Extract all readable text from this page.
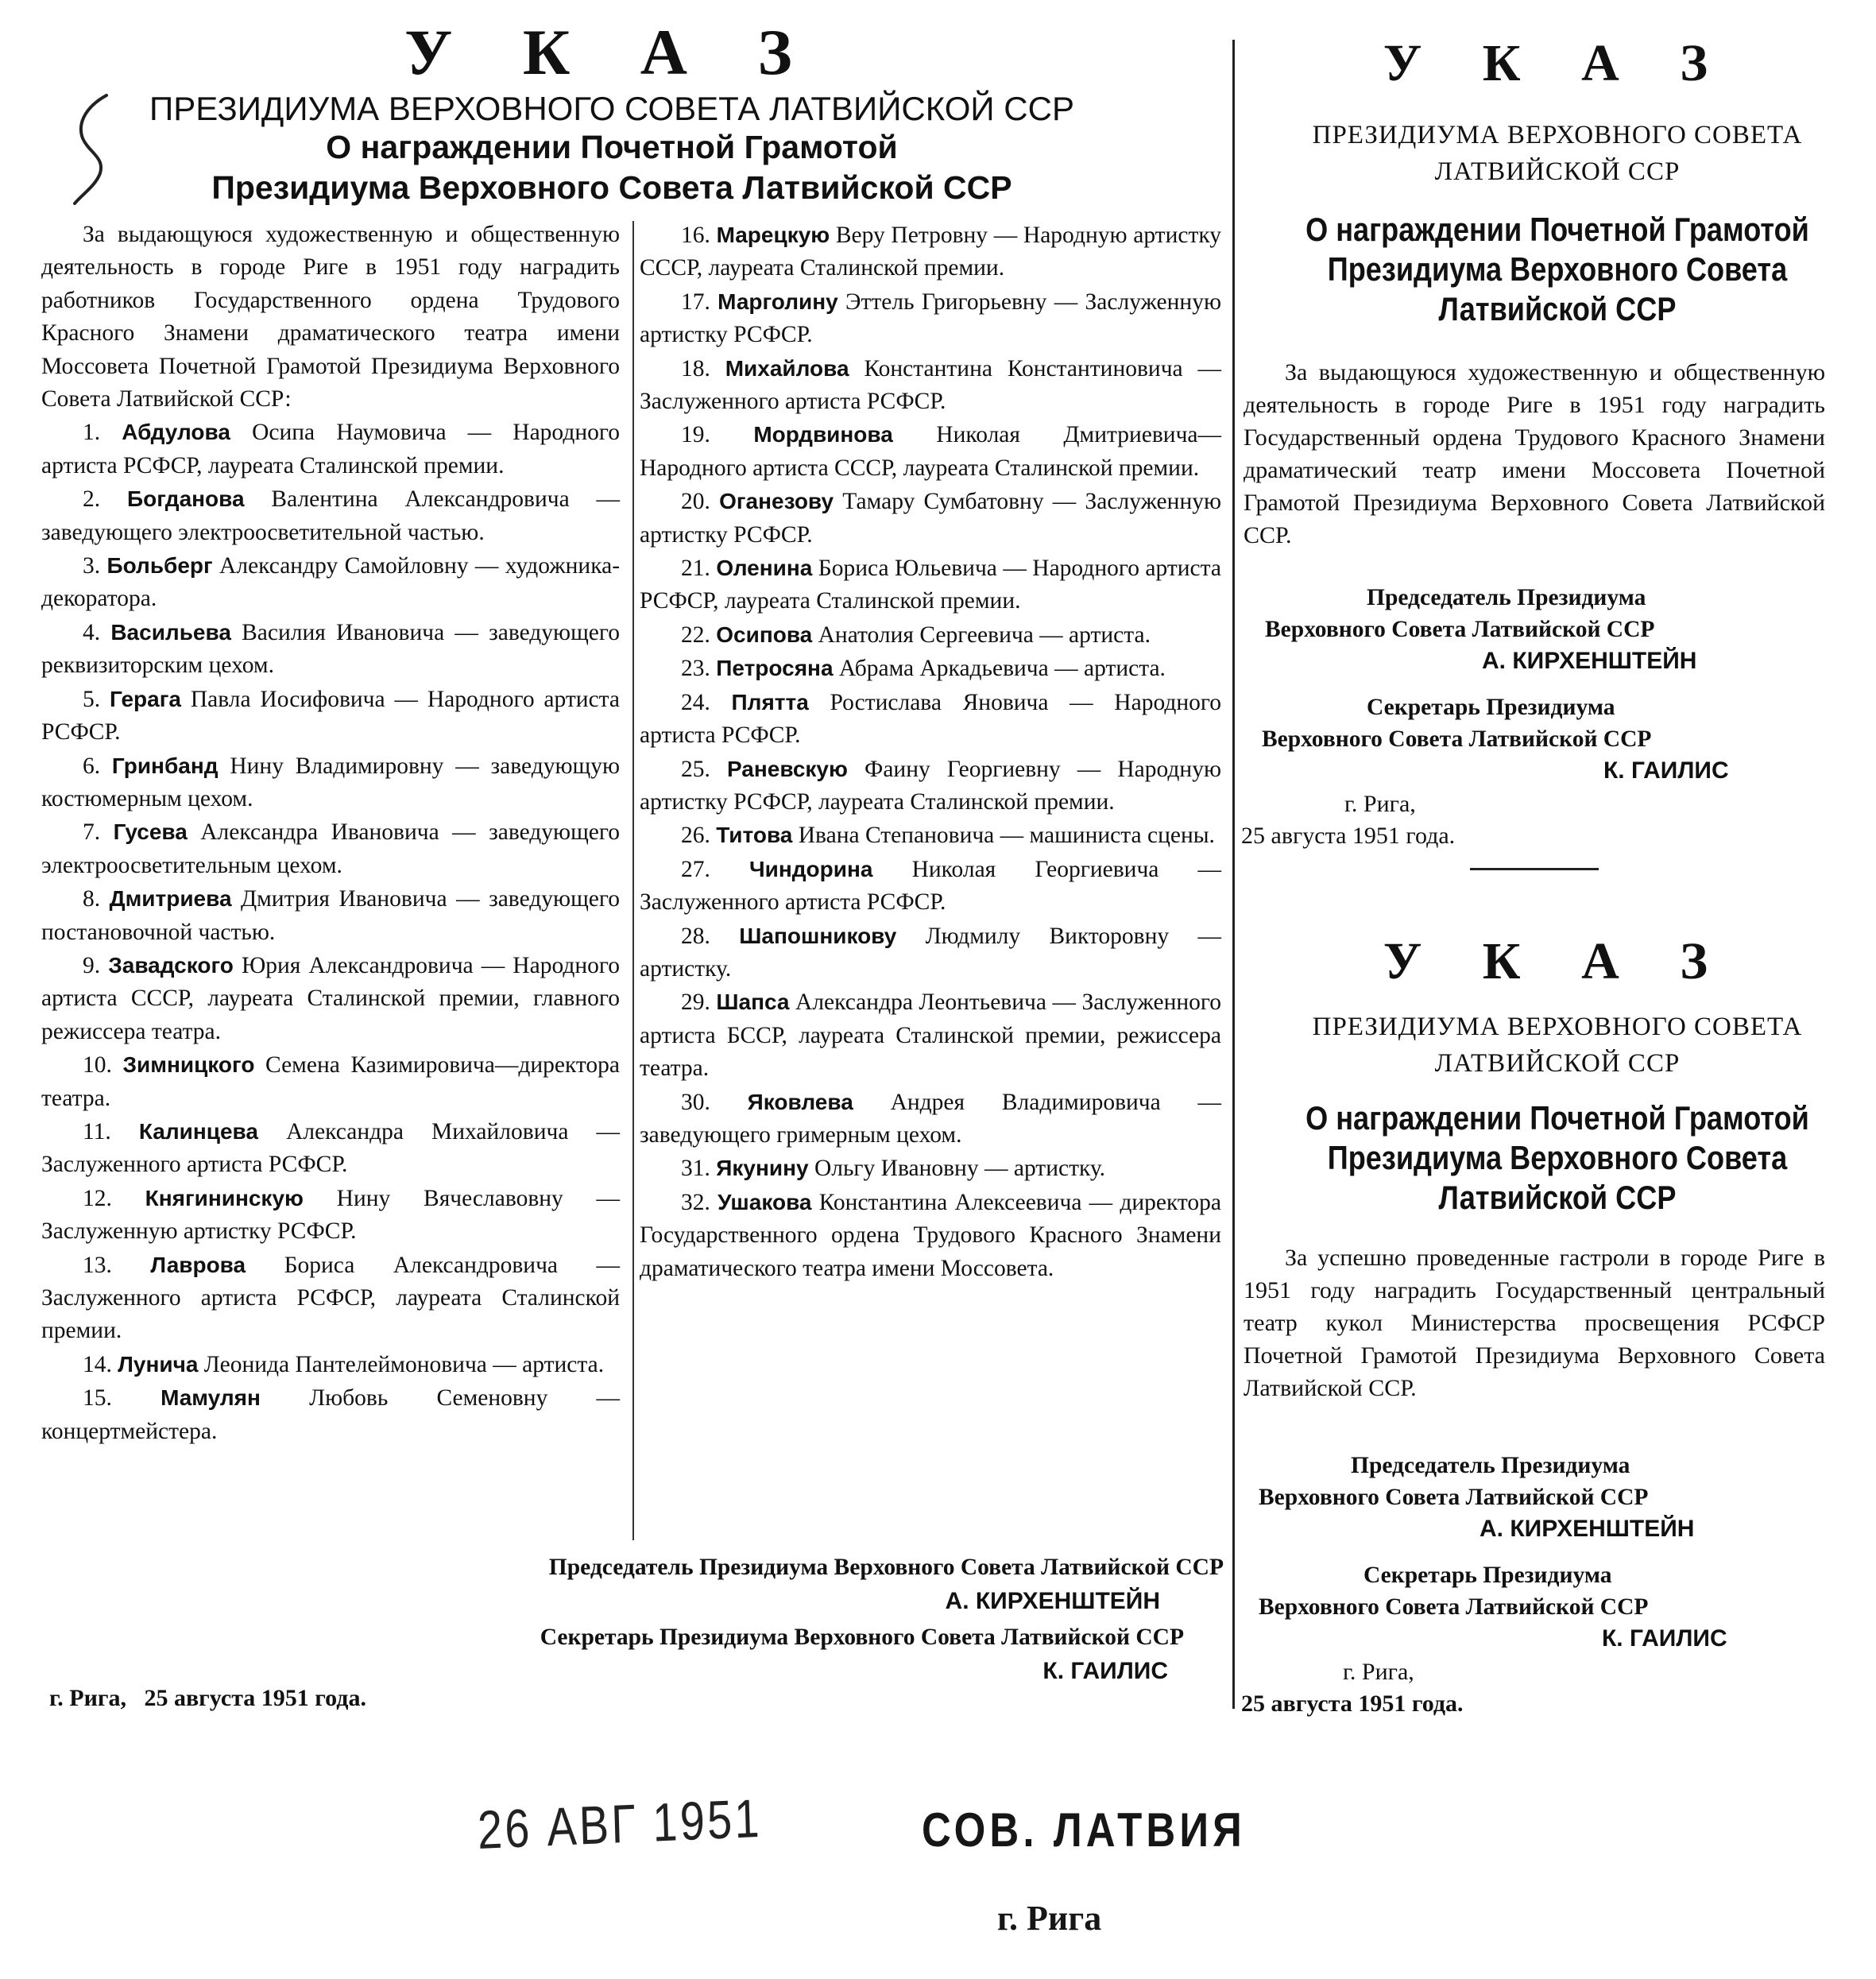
У К А З
ПРЕЗИДИУМА ВЕРХОВНОГО СОВЕТА ЛАТВИЙСКОЙ ССР
О награждении Почетной Грамотой
Президиума Верховного Совета Латвийской ССР
За выдающуюся художественную и общественную деятельность в городе Риге в 1951 году наградить работников Государственного ордена Трудового Красного Знамени драматического театра имени Моссовета Почетной Грамотой Президиума Верховного Совета Латвийской ССР:
1. Абдулова Осипа Наумовича — Народного артиста РСФСР, лауреата Сталинской премии.
2. Богданова Валентина Александровича — заведующего электроосветительной частью.
3. Больберг Александру Самойловну — художника-декоратора.
4. Васильева Василия Ивановича — заведующего реквизиторским цехом.
5. Герага Павла Иосифовича — Народного артиста РСФСР.
6. Гринбанд Нину Владимировну — заведующую костюмерным цехом.
7. Гусева Александра Ивановича — заведующего электроосветительным цехом.
8. Дмитриева Дмитрия Ивановича — заведующего постановочной частью.
9. Завадского Юрия Александровича — Народного артиста СССР, лауреата Сталинской премии, главного режиссера театра.
10. Зимницкого Семена Казимировича—директора театра.
11. Калинцева Александра Михайловича — Заслуженного артиста РСФСР.
12. Княгининскую Нину Вячеславовну — Заслуженную артистку РСФСР.
13. Лаврова Бориса Александровича — Заслуженного артиста РСФСР, лауреата Сталинской премии.
14. Лунича Леонида Пантелеймоновича — артиста.
15. Мамулян Любовь Семеновну — концертмейстера.
16. Марецкую Веру Петровну — Народную артистку СССР, лауреата Сталинской премии.
17. Марголину Эттель Григорьевну — Заслуженную артистку РСФСР.
18. Михайлова Константина Константиновича — Заслуженного артиста РСФСР.
19. Мордвинова Николая Дмитриевича— Народного артиста СССР, лауреата Сталинской премии.
20. Оганезову Тамару Сумбатовну — Заслуженную артистку РСФСР.
21. Оленина Бориса Юльевича — Народного артиста РСФСР, лауреата Сталинской премии.
22. Осипова Анатолия Сергеевича — артиста.
23. Петросяна Абрама Аркадьевича — артиста.
24. Плятта Ростислава Яновича — Народного артиста РСФСР.
25. Раневскую Фаину Георгиевну — Народную артистку РСФСР, лауреата Сталинской премии.
26. Титова Ивана Степановича — машиниста сцены.
27. Чиндорина Николая Георгиевича — Заслуженного артиста РСФСР.
28. Шапошникову Людмилу Викторовну — артистку.
29. Шапса Александра Леонтьевича — Заслуженного артиста БССР, лауреата Сталинской премии, режиссера театра.
30. Яковлева Андрея Владимировича — заведующего гримерным цехом.
31. Якунину Ольгу Ивановну — артистку.
32. Ушакова Константина Алексеевича — директора Государственного ордена Трудового Красного Знамени драматического театра имени Моссовета.
Председатель Президиума Верховного Совета Латвийской ССР
А. КИРХЕНШТЕЙН
Секретарь Президиума Верховного Совета Латвийской ССР
К. ГАИЛИС
г. Рига,   25 августа 1951 года.
У К А З
ПРЕЗИДИУМА ВЕРХОВНОГО СОВЕТА
ЛАТВИЙСКОЙ ССР
О награждении Почетной Грамотой
Президиума Верховного Совета
Латвийской ССР
За выдающуюся художественную и общественную деятельность в городе Риге в 1951 году наградить Государственный ордена Трудового Красного Знамени драматический театр имени Моссовета Почетной Грамотой Президиума Верховного Совета Латвийской ССР.
Председатель Президиума
Верховного Совета Латвийской ССР
А. КИРХЕНШТЕЙН
Секретарь Президиума
Верховного Совета Латвийской ССР
К. ГАИЛИС
г. Рига,
25 августа 1951 года.
У К А З
ПРЕЗИДИУМА ВЕРХОВНОГО СОВЕТА
ЛАТВИЙСКОЙ ССР
О награждении Почетной Грамотой
Президиума Верховного Совета
Латвийской ССР
За успешно проведенные гастроли в городе Риге в 1951 году наградить Государственный центральный театр кукол Министерства просвещения РСФСР Почетной Грамотой Президиума Верховного Совета Латвийской ССР.
Председатель Президиума
Верховного Совета Латвийской ССР
А. КИРХЕНШТЕЙН
Секретарь Президиума
Верховного Совета Латвийской ССР
К. ГАИЛИС
г. Рига,
25 августа 1951 года.
26 АВГ 1951	СОВ. ЛАТВИЯ
г. Рига
